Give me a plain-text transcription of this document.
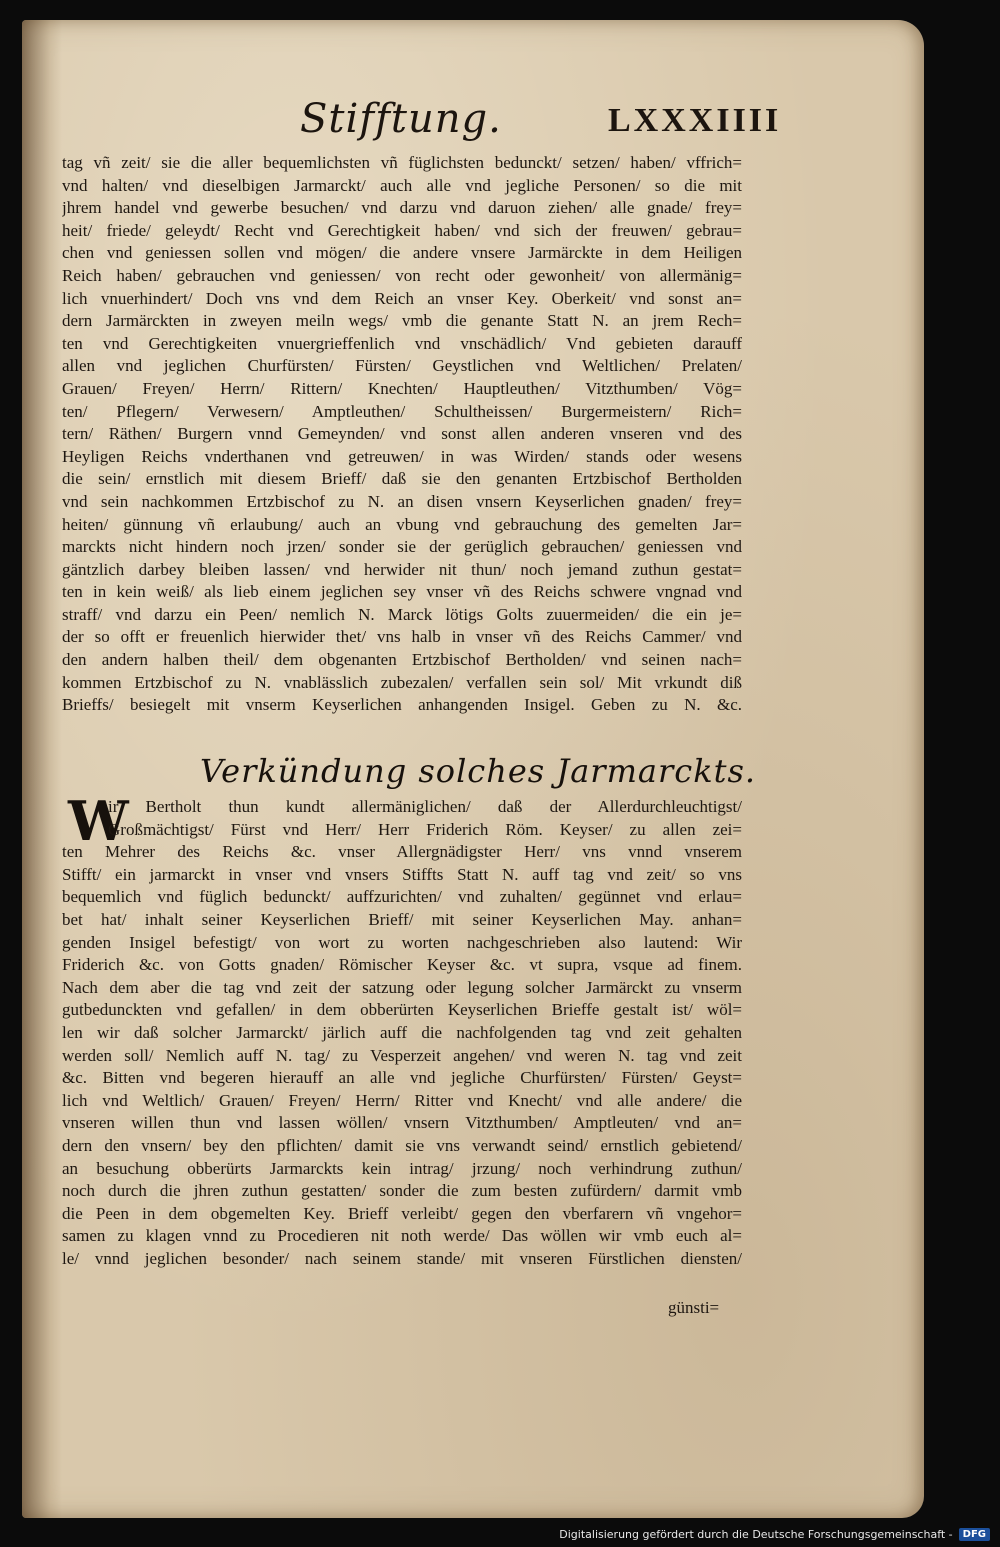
Stifftung.	LXXXIIII
tag vñ zeit/ sie die aller bequemlichsten vñ füglichsten bedunckt/ setzen/ haben/ vffrich=
vnd halten/ vnd dieselbigen Jarmarckt/ auch alle vnd jegliche Personen/ so die mit
jhrem handel vnd gewerbe besuchen/ vnd darzu vnd daruon ziehen/ alle gnade/ frey=
heit/ friede/ geleydt/ Recht vnd Gerechtigkeit haben/ vnd sich der freuwen/ gebrau=
chen vnd geniessen sollen vnd mögen/ die andere vnsere Jarmärckte in dem Heiligen
Reich haben/ gebrauchen vnd geniessen/ von recht oder gewonheit/ von allermänig=
lich vnuerhindert/ Doch vns vnd dem Reich an vnser Key. Oberkeit/ vnd sonst an=
dern Jarmärckten in zweyen meiln wegs/ vmb die genante Statt N. an jrem Rech=
ten vnd Gerechtigkeiten vnuergrieffenlich vnd vnschädlich/ Vnd gebieten darauff
allen vnd jeglichen Churfürsten/ Fürsten/ Geystlichen vnd Weltlichen/ Prelaten/
Grauen/ Freyen/ Herrn/ Rittern/ Knechten/ Hauptleuthen/ Vitzthumben/ Vög=
ten/ Pflegern/ Verwesern/ Amptleuthen/ Schultheissen/ Burgermeistern/ Rich=
tern/ Räthen/ Burgern vnnd Gemeynden/ vnd sonst allen anderen vnseren vnd des
Heyligen Reichs vnderthanen vnd getreuwen/ in was Wirden/ stands oder wesens
die sein/ ernstlich mit diesem Brieff/ daß sie den genanten Ertzbischof Bertholden
vnd sein nachkommen Ertzbischof zu N. an disen vnsern Keyserlichen gnaden/ frey=
heiten/ günnung vñ erlaubung/ auch an vbung vnd gebrauchung des gemelten Jar=
marckts nicht hindern noch jrzen/ sonder sie der gerüglich gebrauchen/ geniessen vnd
gäntzlich darbey bleiben lassen/ vnd herwider nit thun/ noch jemand zuthun gestat=
ten in kein weiß/ als lieb einem jeglichen sey vnser vñ des Reichs schwere vngnad vnd
straff/ vnd darzu ein Peen/ nemlich N. Marck lötigs Golts zuuermeiden/ die ein je=
der so offt er freuenlich hierwider thet/ vns halb in vnser vñ des Reichs Cammer/ vnd
den andern halben theil/ dem obgenanten Ertzbischof Bertholden/ vnd seinen nach=
kommen Ertzbischof zu N. vnablässlich zubezalen/ verfallen sein sol/ Mit vrkundt diß
Brieffs/ besiegelt mit vnserm Keyserlichen anhangenden Insigel. Geben zu N. &c.
Verkündung solches Jarmarckts.
W
ir Bertholt thun kundt allermäniglichen/ daß der Allerdurchleuchtigst/
Großmächtigst/ Fürst vnd Herr/ Herr Friderich Röm. Keyser/ zu allen zei=
ten Mehrer des Reichs &c. vnser Allergnädigster Herr/ vns vnnd vnserem
Stifft/ ein jarmarckt in vnser vnd vnsers Stiffts Statt N. auff tag vnd zeit/ so vns
bequemlich vnd füglich bedunckt/ auffzurichten/ vnd zuhalten/ gegünnet vnd erlau=
bet hat/ inhalt seiner Keyserlichen Brieff/ mit seiner Keyserlichen May. anhan=
genden Insigel befestigt/ von wort zu worten nachgeschrieben also lautend: Wir
Friderich &c. von Gotts gnaden/ Römischer Keyser &c. vt supra, vsque ad finem.
Nach dem aber die tag vnd zeit der satzung oder legung solcher Jarmärckt zu vnserm
gutbedunckten vnd gefallen/ in dem obberürten Keyserlichen Brieffe gestalt ist/ wöl=
len wir daß solcher Jarmarckt/ järlich auff die nachfolgenden tag vnd zeit gehalten
werden soll/ Nemlich auff N. tag/ zu Vesperzeit angehen/ vnd weren N. tag vnd zeit
&c. Bitten vnd begeren hierauff an alle vnd jegliche Churfürsten/ Fürsten/ Geyst=
lich vnd Weltlich/ Grauen/ Freyen/ Herrn/ Ritter vnd Knecht/ vnd alle andere/ die
vnseren willen thun vnd lassen wöllen/ vnsern Vitzthumben/ Amptleuten/ vnd an=
dern den vnsern/ bey den pflichten/ damit sie vns verwandt seind/ ernstlich gebietend/
an besuchung obberürts Jarmarckts kein intrag/ jrzung/ noch verhindrung zuthun/
noch durch die jhren zuthun gestatten/ sonder die zum besten zufürdern/ darmit vmb
die Peen in dem obgemelten Key. Brieff verleibt/ gegen den vberfarern vñ vngehor=
samen zu klagen vnnd zu Procedieren nit noth werde/ Das wöllen wir vmb euch al=
le/ vnnd jeglichen besonder/ nach seinem stande/ mit vnseren Fürstlichen diensten/
günsti=
Digitalisierung gefördert durch die Deutsche Forschungsgemeinschaft -	DFG
